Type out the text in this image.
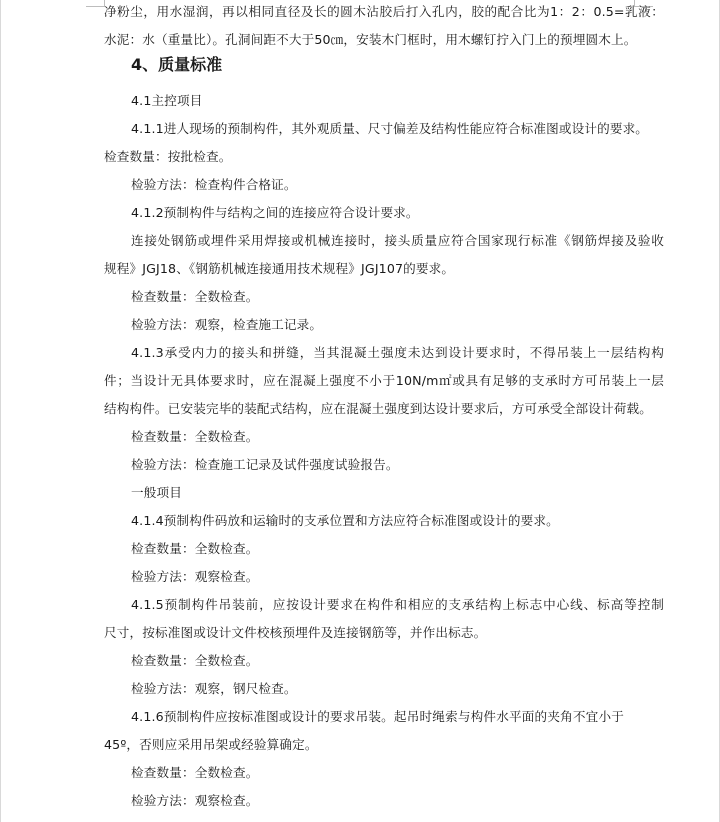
净粉尘，用水湿润，再以相同直径及长的圆木沾胶后打入孔内，胶的配合比为1：2：0.5=乳液：
水泥：水（重量比）。孔洞间距不大于50㎝，安装木门框时，用木螺钉拧入门上的预埋圆木上。
4、质量标准
4.1主控项目
4.1.1进人现场的预制构件，其外观质量、尺寸偏差及结构性能应符合标准图或设计的要求。
检查数量：按批检查。
检验方法：检查构件合格证。
4.1.2预制构件与结构之间的连接应符合设计要求。
连接处钢筋或埋件采用焊接或机械连接时，接头质量应符合国家现行标准《钢筋焊接及验收
规程》JGJ18、《钢筋机械连接通用技术规程》JGJ107的要求。
检查数量：全数检查。
检验方法：观察，检查施工记录。
4.1.3承受内力的接头和拼缝，当其混凝土强度未达到设计要求时，不得吊装上一层结构构
件；当设计无具体要求时，应在混凝上强度不小于10N/m㎡或具有足够的支承时方可吊装上一层
结构构件。已安装完毕的装配式结构，应在混凝土强度到达设计要求后，方可承受全部设计荷载。
检查数量：全数检查。
检验方法：检查施工记录及试件强度试验报告。
一般项目
4.1.4预制构件码放和运输时的支承位置和方法应符合标准图或设计的要求。
检查数量：全数检查。
检验方法：观察检查。
4.1.5预制构件吊装前，应按设计要求在构件和相应的支承结构上标志中心线、标高等控制
尺寸，按标准图或设计文件校核预埋件及连接钢筋等，并作出标志。
检查数量：全数检查。
检验方法：观察，钢尺检查。
4.1.6预制构件应按标准图或设计的要求吊装。起吊时绳索与构件水平面的夹角不宜小于
45º，否则应采用吊架或经验算确定。
检查数量：全数检查。
检验方法：观察检查。
